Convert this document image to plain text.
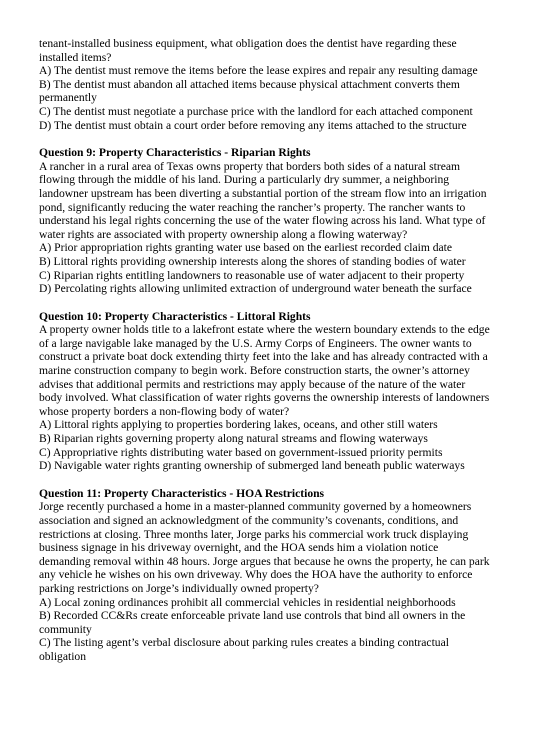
tenant-installed business equipment, what obligation does the dentist have regarding these
installed items?
A) The dentist must remove the items before the lease expires and repair any resulting damage
B) The dentist must abandon all attached items because physical attachment converts them
permanently
C) The dentist must negotiate a purchase price with the landlord for each attached component
D) The dentist must obtain a court order before removing any items attached to the structure
Question 9: Property Characteristics - Riparian Rights
A rancher in a rural area of Texas owns property that borders both sides of a natural stream
flowing through the middle of his land. During a particularly dry summer, a neighboring
landowner upstream has been diverting a substantial portion of the stream flow into an irrigation
pond, significantly reducing the water reaching the rancher’s property. The rancher wants to
understand his legal rights concerning the use of the water flowing across his land. What type of
water rights are associated with property ownership along a flowing waterway?
A) Prior appropriation rights granting water use based on the earliest recorded claim date
B) Littoral rights providing ownership interests along the shores of standing bodies of water
C) Riparian rights entitling landowners to reasonable use of water adjacent to their property
D) Percolating rights allowing unlimited extraction of underground water beneath the surface
Question 10: Property Characteristics - Littoral Rights
A property owner holds title to a lakefront estate where the western boundary extends to the edge
of a large navigable lake managed by the U.S. Army Corps of Engineers. The owner wants to
construct a private boat dock extending thirty feet into the lake and has already contracted with a
marine construction company to begin work. Before construction starts, the owner’s attorney
advises that additional permits and restrictions may apply because of the nature of the water
body involved. What classification of water rights governs the ownership interests of landowners
whose property borders a non-flowing body of water?
A) Littoral rights applying to properties bordering lakes, oceans, and other still waters
B) Riparian rights governing property along natural streams and flowing waterways
C) Appropriative rights distributing water based on government-issued priority permits
D) Navigable water rights granting ownership of submerged land beneath public waterways
Question 11: Property Characteristics - HOA Restrictions
Jorge recently purchased a home in a master-planned community governed by a homeowners
association and signed an acknowledgment of the community’s covenants, conditions, and
restrictions at closing. Three months later, Jorge parks his commercial work truck displaying
business signage in his driveway overnight, and the HOA sends him a violation notice
demanding removal within 48 hours. Jorge argues that because he owns the property, he can park
any vehicle he wishes on his own driveway. Why does the HOA have the authority to enforce
parking restrictions on Jorge’s individually owned property?
A) Local zoning ordinances prohibit all commercial vehicles in residential neighborhoods
B) Recorded CC&Rs create enforceable private land use controls that bind all owners in the
community
C) The listing agent’s verbal disclosure about parking rules creates a binding contractual
obligation
